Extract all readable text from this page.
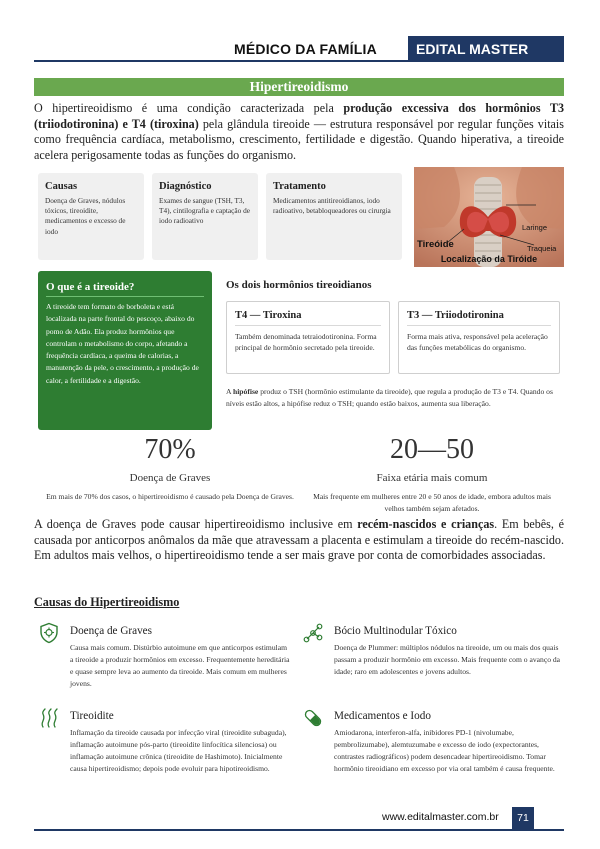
MÉDICO DA FAMÍLIA	EDITAL MASTER
Hipertireoidismo
O hipertireoidismo é uma condição caracterizada pela produção excessiva dos hormônios T3 (triiodotironina) e T4 (tiroxina) pela glândula tireoide — estrutura responsável por regular funções vitais como frequência cardíaca, metabolismo, crescimento, fertilidade e digestão. Quando hiperativa, a tireoide acelera perigosamente todas as funções do organismo.
Causas
Doença de Graves, nódulos tóxicos, tireoidite, medicamentos e excesso de iodo
Diagnóstico
Exames de sangue (TSH, T3, T4), cintilografia e captação de iodo radioativo
Tratamento
Medicamentos antitireoidianos, iodo radioativo, betabloqueadores ou cirurgia
Laringe
Traqueia
Tireóide
Localização da Tiróide
O que é a tireoide?
A tireoide tem formato de borboleta e está localizada na parte frontal do pescoço, abaixo do pomo de Adão. Ela produz hormônios que controlam o metabolismo do corpo, afetando a frequência cardíaca, a queima de calorias, a manutenção da pele, o crescimento, a produção de calor, a fertilidade e a digestão.
Os dois hormônios tireoidianos
T4 — Tiroxina
Também denominada tetraiodotironina. Forma principal de hormônio secretado pela tireoide.
T3 — Triiodotironina
Forma mais ativa, responsável pela aceleração das funções metabólicas do organismo.
A hipófise produz o TSH (hormônio estimulante da tireoide), que regula a produção de T3 e T4. Quando os níveis estão altos, a hipófise reduz o TSH; quando estão baixos, aumenta sua liberação.
70%
Doença de Graves
Em mais de 70% dos casos, o hipertireoidismo é causado pela Doença de Graves.
20—50
Faixa etária mais comum
Mais frequente em mulheres entre 20 e 50 anos de idade, embora adultos mais velhos também sejam afetados.
A doença de Graves pode causar hipertireoidismo inclusive em recém-nascidos e crianças. Em bebês, é causada por anticorpos anômalos da mãe que atravessam a placenta e estimulam a tireoide do recém-nascido. Em adultos mais velhos, o hipertireoidismo tende a ser mais grave por conta de comorbidades associadas.
Causas do Hipertireoidismo
Doença de Graves
Causa mais comum. Distúrbio autoimune em que anticorpos estimulam a tireoide a produzir hormônios em excesso. Frequentemente hereditária e quase sempre leva ao aumento da tireoide. Mais comum em mulheres jovens.
Bócio Multinodular Tóxico
Doença de Plummer: múltiplos nódulos na tireoide, um ou mais dos quais passam a produzir hormônio em excesso. Mais frequente com o avanço da idade; raro em adolescentes e jovens adultos.
Tireoidite
Inflamação da tireoide causada por infecção viral (tireoidite subaguda), inflamação autoimune pós-parto (tireoidite linfocítica silenciosa) ou inflamação autoimune crônica (tireoidite de Hashimoto). Inicialmente causa hipertireoidismo; depois pode evoluir para hipotireoidismo.
Medicamentos e Iodo
Amiodarona, interferon-alfa, inibidores PD-1 (nivolumabe, pembrolizumabe), alemtuzumabe e excesso de iodo (expectorantes, contrastes radiográficos) podem desencadear hipertireoidismo. Tomar hormônio tireoidiano em excesso por via oral também é causa frequente.
www.editalmaster.com.br	71
